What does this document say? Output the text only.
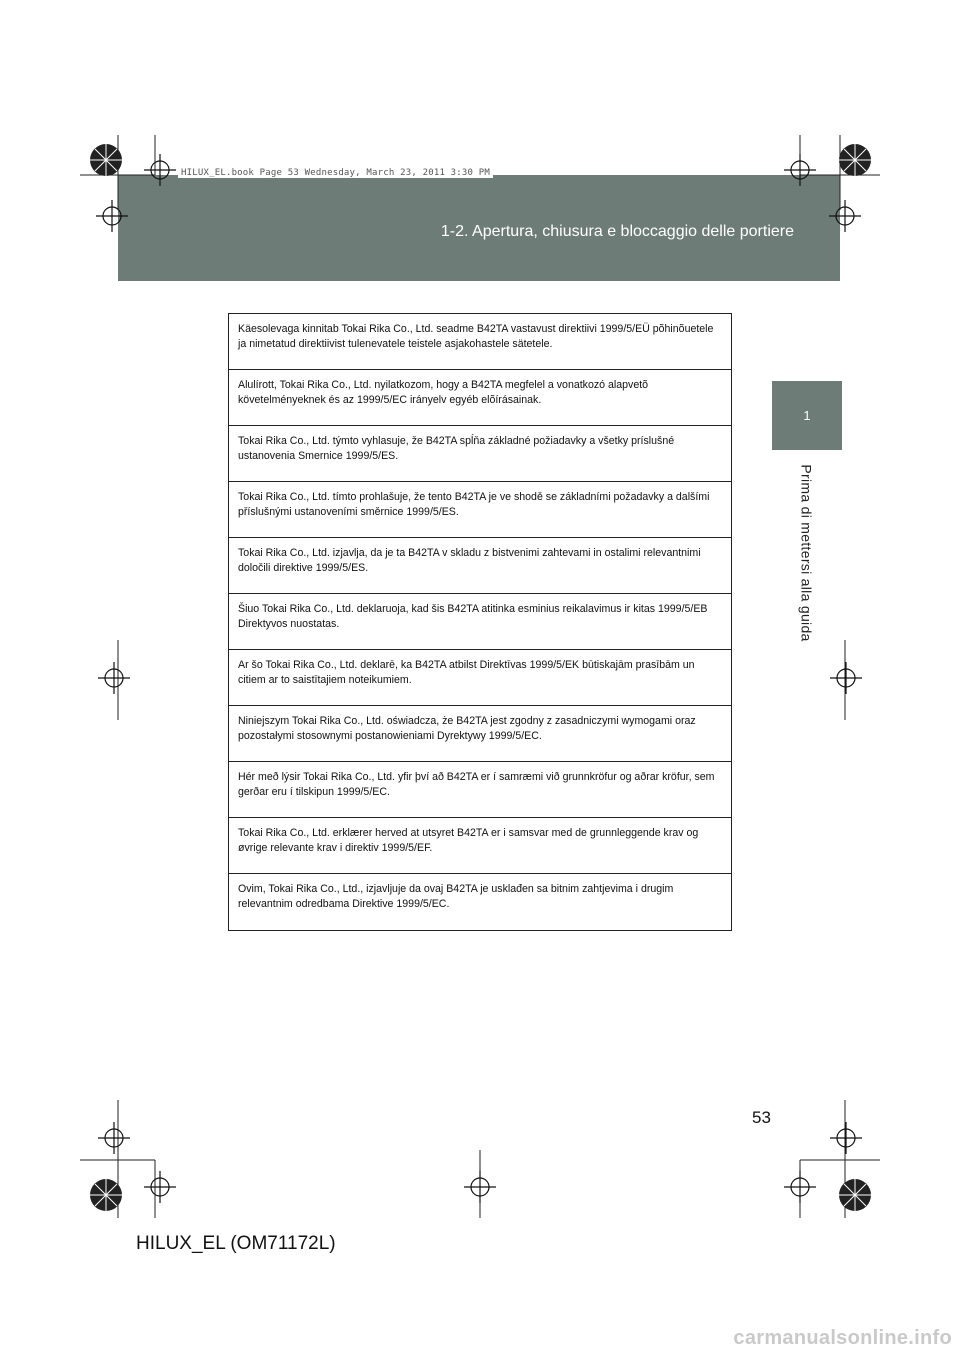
1-2. Apertura, chiusura e bloccaggio delle portiere
HILUX_EL.book Page 53 Wednesday, March 23, 2011 3:30 PM
1
Prima di mettersi alla guida
Käesolevaga kinnitab Tokai Rika Co., Ltd. seadme B42TA vastavust direktiivi 1999/5/EÜ põhinõuetele ja nimetatud direktiivist tulenevatele teistele asjakohastele sätetele.
Alulírott, Tokai Rika Co., Ltd. nyilatkozom, hogy a B42TA megfelel a vonatkozó alapvetõ követelményeknek és az 1999/5/EC irányelv egyéb elõírásainak.
Tokai Rika Co., Ltd. týmto vyhlasuje, že B42TA spĺňa základné požiadavky a všetky príslušné ustanovenia Smernice 1999/5/ES.
Tokai Rika Co., Ltd. tímto prohlašuje, že tento B42TA je ve shodě se základními požadavky a dalšími příslušnými ustanoveními směrnice 1999/5/ES.
Tokai Rika Co., Ltd. izjavlja, da je ta B42TA v skladu z bistvenimi zahtevami in ostalimi relevantnimi določili direktive 1999/5/ES.
Šiuo Tokai Rika Co., Ltd. deklaruoja, kad šis B42TA atitinka esminius reikalavimus ir kitas 1999/5/EB Direktyvos nuostatas.
Ar šo Tokai Rika Co., Ltd. deklarē, ka B42TA atbilst Direktīvas 1999/5/EK būtiskajām prasībām un citiem ar to saistītajiem noteikumiem.
Niniejszym Tokai Rika Co., Ltd. oświadcza, że B42TA jest zgodny z zasadniczymi wymogami oraz pozostałymi stosownymi postanowieniami Dyrektywy 1999/5/EC.
Hér með lýsir Tokai Rika Co., Ltd. yfir því að B42TA er í samræmi við grunnkröfur og aðrar kröfur, sem gerðar eru í tilskipun 1999/5/EC.
Tokai Rika Co., Ltd. erklærer herved at utsyret B42TA er i samsvar med de grunnleggende krav og øvrige relevante krav i direktiv 1999/5/EF.
Ovim, Tokai Rika Co., Ltd., izjavljuje da ovaj B42TA je usklađen sa bitnim zahtjevima i drugim relevantnim odredbama Direktive 1999/5/EC.
53
HILUX_EL (OM71172L)
carmanualsonline.info
